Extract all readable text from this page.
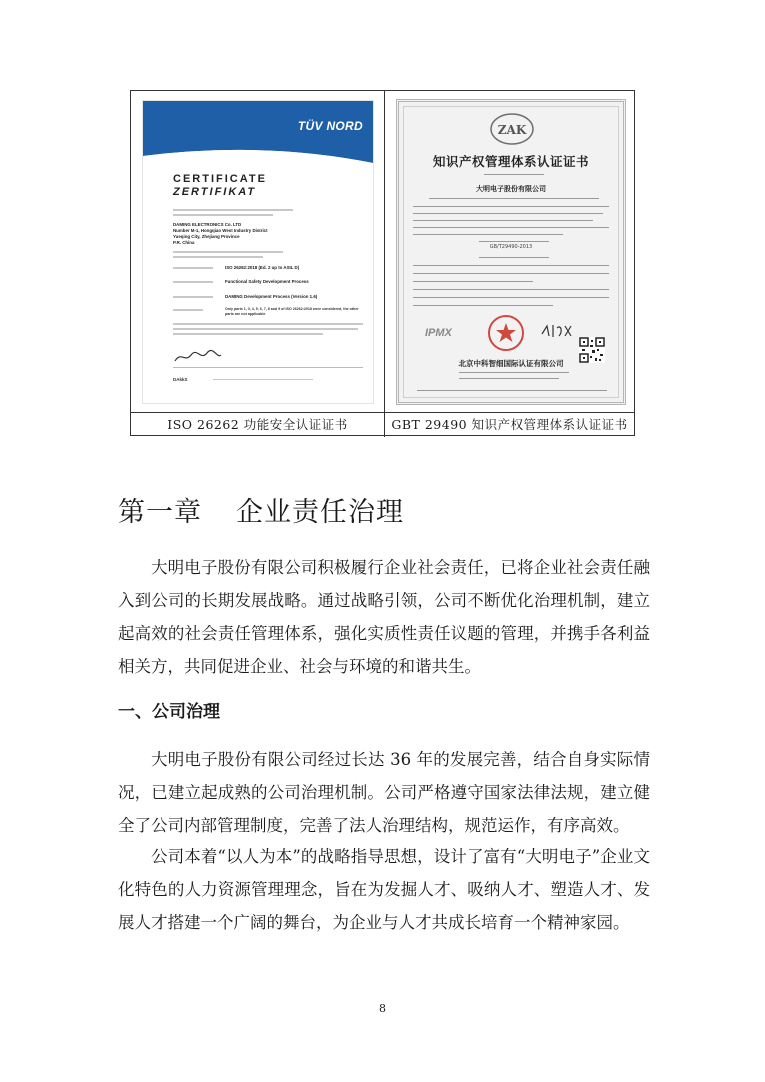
TÜV NORD
CERTIFICATE
ZERTIFIKAT
DAMING ELECTRONICS Co. LTD
Number M-1, Hongqiao West Industry District
Yueqing City, Zhejiang Province
P.R. China
ISO 26262:2018 (Ed. 2 up to ASIL D)
Functional Safety Development Process
DAMING Development Process (Version 1.6)
Only parts 1, 3, 4, 5, 6, 7, 8 and 9 of ISO 26262:2018 were considered, the other parts are not applicable
DAkkS
ZAK
知识产权管理体系认证证书
大明电子股份有限公司
GB/T29490-2013
IPMX
北京中科智细国际认证有限公司
ISO 26262 功能安全认证证书	GBT 29490 知识产权管理体系认证证书
第一章 企业责任治理

大明电子股份有限公司积极履行企业社会责任，已将企业社会责任融入到公司的长期发展战略。通过战略引领，公司不断优化治理机制，建立起高效的社会责任管理体系，强化实质性责任议题的管理，并携手各利益相关方，共同促进企业、社会与环境的和谐共生。

一、公司治理

大明电子股份有限公司经过长达 36 年的发展完善，结合自身实际情况，已建立起成熟的公司治理机制。公司严格遵守国家法律法规，建立健全了公司内部管理制度，完善了法人治理结构，规范运作，有序高效。

公司本着“以人为本”的战略指导思想，设计了富有“大明电子”企业文化特色的人力资源管理理念，旨在为发掘人才、吸纳人才、塑造人才、发展人才搭建一个广阔的舞台，为企业与人才共成长培育一个精神家园。

8
